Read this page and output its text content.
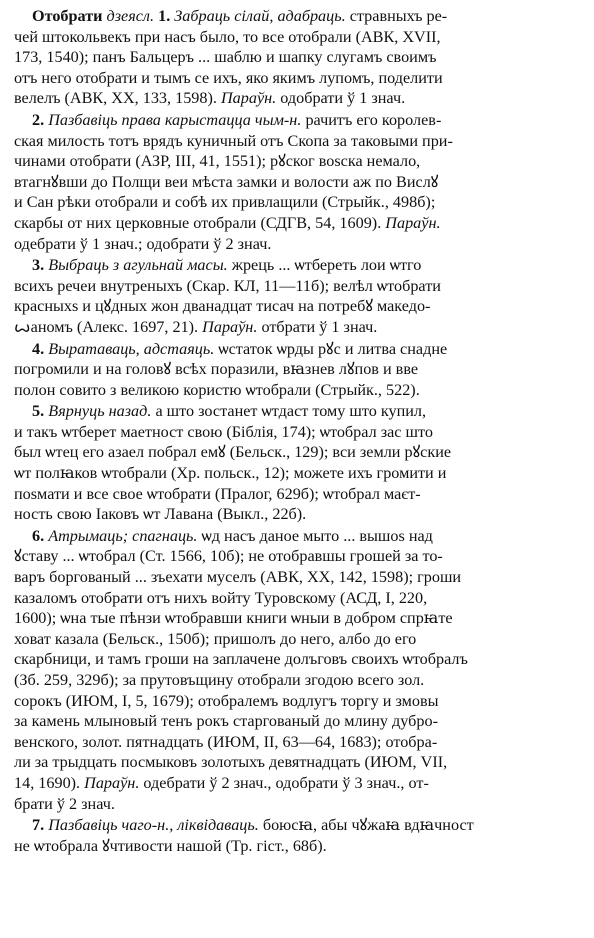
Отобрати дзеясл. 1. Забраць сілай, адабраць. стравныхъ ре-
чей штокольвекъ при насъ было, то все отобрали (АВК, XVII,
173, 1540); панъ Бальцеръ ... шаблю и шапку слугамъ своимъ
отъ него отобрати и тымъ се ихъ, яко якимъ лупомъ, поделити
велелъ (АВК, XX, 133, 1598). Параўн. одобрати ў 1 знач.
2. Пазбавіць права карыстацца чым-н. рачитъ его королев-
ская милость тотъ врядъ куничный отъ Скопа за таковыми при-
чинами отобрати (АЗР, III, 41, 1551); рꙋског воѕска немало,
втагнꙋвши до Полщи веи мѣста замки и волости аж по Вислꙋ
и Сан рѣки отобрали и собѣ их привлащили (Стрыйк., 498б);
скарбы от них церковные отобрали (СДГВ, 54, 1609). Параўн.
одебрати ў 1 знач.; одобрати ў 2 знач.
3. Выбраць з агульнай масы. жрець ... ѡтбереть лои ѡтго
всихъ речеи внутреныхъ (Скар. КЛ, 11—11б); велѣл ѡтобрати
красныхѕ и цꙋдных жон дванадцат тисач на потребꙋ македо-
ꙍаномъ (Алекс. 1697, 21). Параўн. отбрати ў 1 знач.
4. Выратаваць, адстаяць. ѡстаток ѡрды рꙋс и литва снадне
погромили и на головꙋ всѣх поразили, вꙗзнев лꙋпов и вве
полон совито з великою користю ѡтобрали (Стрыйк., 522).
5. Вярнуць назад. а што зостанет ѡтдаст тому што купил,
и такъ ѡтберет маетност свою (Біблія, 174); ѡтобрал зас што
был ѡтец его азаел побрал емꙋ (Бельск., 129); вси земли рꙋские
ѡт полꙗков ѡтобрали (Хр. польск., 12); можете ихъ громити и
поѕмати и все свое ѡтобрати (Пралог, 629б); ѡтобрал маєт-
ность свою Іаковъ ѡт Лавана (Выкл., 22б).
6. Атрымаць; спагнаць. ѡд насъ даное мыто ... вышоѕ над
ꙋставу ... ѡтобрал (Ст. 1566, 10б); не отобравшы грошей за то-
варъ боргованый ... зъехати муселъ (АВК, XX, 142, 1598); гроши
казаломъ отобрати отъ нихъ войту Туровскому (АСД, I, 220,
1600); ѡна тые пѣнзи ѡтобравши книги ѡныи в добром спрꙗте
ховат казала (Бельск., 150б); пришолъ до него, албо до его
скарбници, и тамъ гроши на заплачене долъговъ своихъ ѡтобралъ
(Зб. 259, 329б); за прутовъщину отобрали згодою всего зол.
сорокъ (ИЮМ, I, 5, 1679); отобралемъ водлугъ торгу и змовы
за камень млыновый тенъ рокъ старгованый до млину дубро-
венского, золот. пятнадцать (ИЮМ, II, 63—64, 1683); отобра-
ли за трыдцать посмыковъ золотыхъ девятнадцать (ИЮМ, VII,
14, 1690). Параўн. одебрати ў 2 знач., одобрати ў 3 знач., от-
брати ў 2 знач.
7. Пазбавіць чаго-н., ліквідаваць. боюсꙗ, абы чꙋжаꙗ вдꙗчност
не ѡтобрала ꙋчтивости нашой (Тр. гіст., 68б).
